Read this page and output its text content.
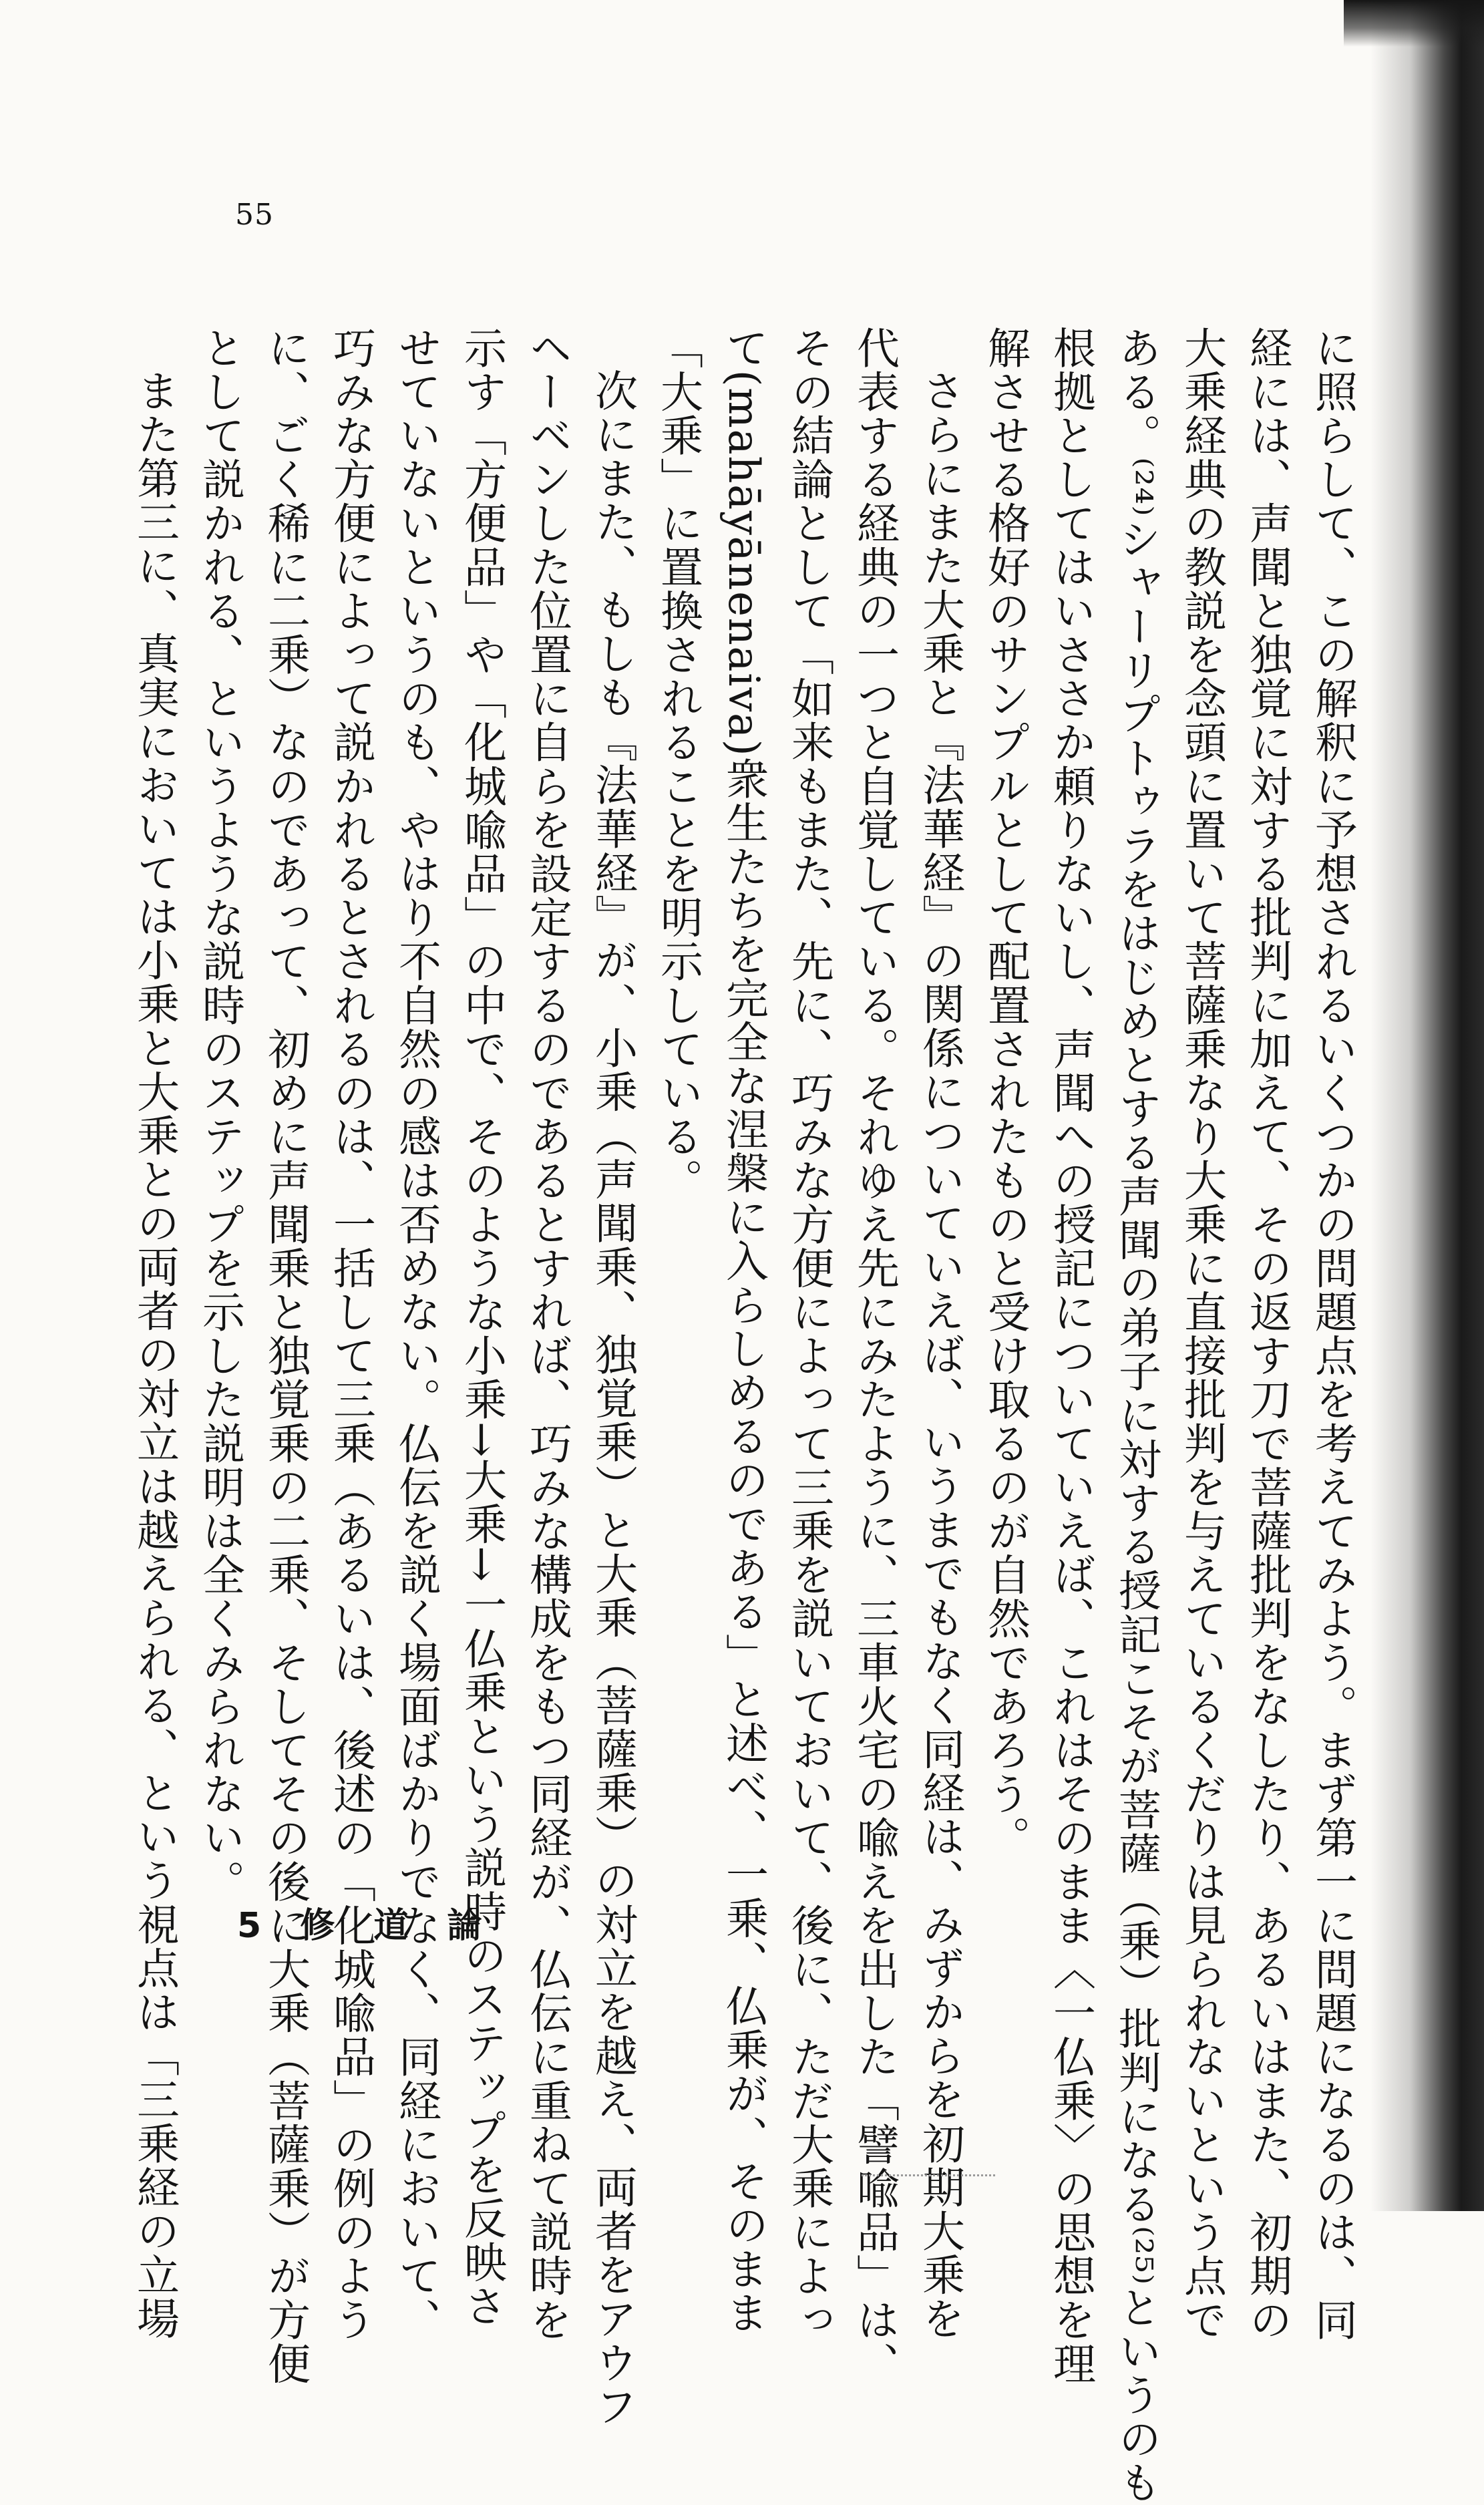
55
に照らして、この解釈に予想されるいくつかの問題点を考えてみよう。まず第一に問題になるのは、同
経には、声聞と独覚に対する批判に加えて、その返す刀で菩薩批判をなしたり、あるいはまた、初期の
大乗経典の教説を念頭に置いて菩薩乗なり大乗に直接批判を与えているくだりは見られないという点で
ある。⁽²⁴⁾シャーリプトゥラをはじめとする声聞の弟子に対する授記こそが菩薩（乗）批判になる⁽²⁵⁾というのも
根拠としてはいささか頼りないし、声聞への授記についていえば、これはそのまま〈一仏乗〉の思想を理
解させる格好のサンプルとして配置されたものと受け取るのが自然であろう。
さらにまた大乗と『法華経』の関係についていえば、いうまでもなく同経は、みずからを初期大乗を
代表する経典の一つと自覚している。それゆえ先にみたように、三車火宅の喩えを出した「譬喩品」は、
その結論として「如来もまた、先に、巧みな方便によって三乗を説いておいて、後に、ただ大乗によっ
て(mahāyānenaiva)衆生たちを完全な涅槃に入らしめるのである」と述べ、一乗、仏乗が、そのまま
「大乗」に置換されることを明示している。
次にまた、もしも『法華経』が、小乗（声聞乗、独覚乗）と大乗（菩薩乗）の対立を越え、両者をアウフ
ヘーベンした位置に自らを設定するのであるとすれば、巧みな構成をもつ同経が、仏伝に重ねて説時を
示す「方便品」や「化城喩品」の中で、そのような小乗→大乗→一仏乗という説時のステップを反映さ
せていないというのも、やはり不自然の感は否めない。仏伝を説く場面ばかりでなく、同経において、
巧みな方便によって説かれるとされるのは、一括して三乗（あるいは、後述の「化城喩品」の例のよう
に、ごく稀に二乗）なのであって、初めに声聞乗と独覚乗の二乗、そしてその後に大乗（菩薩乗）が方便
として説かれる、というような説時のステップを示した説明は全くみられない。
また第三に、真実においては小乗と大乗との両者の対立は越えられる、という視点は「三乗経の立場 5 修 道 論
